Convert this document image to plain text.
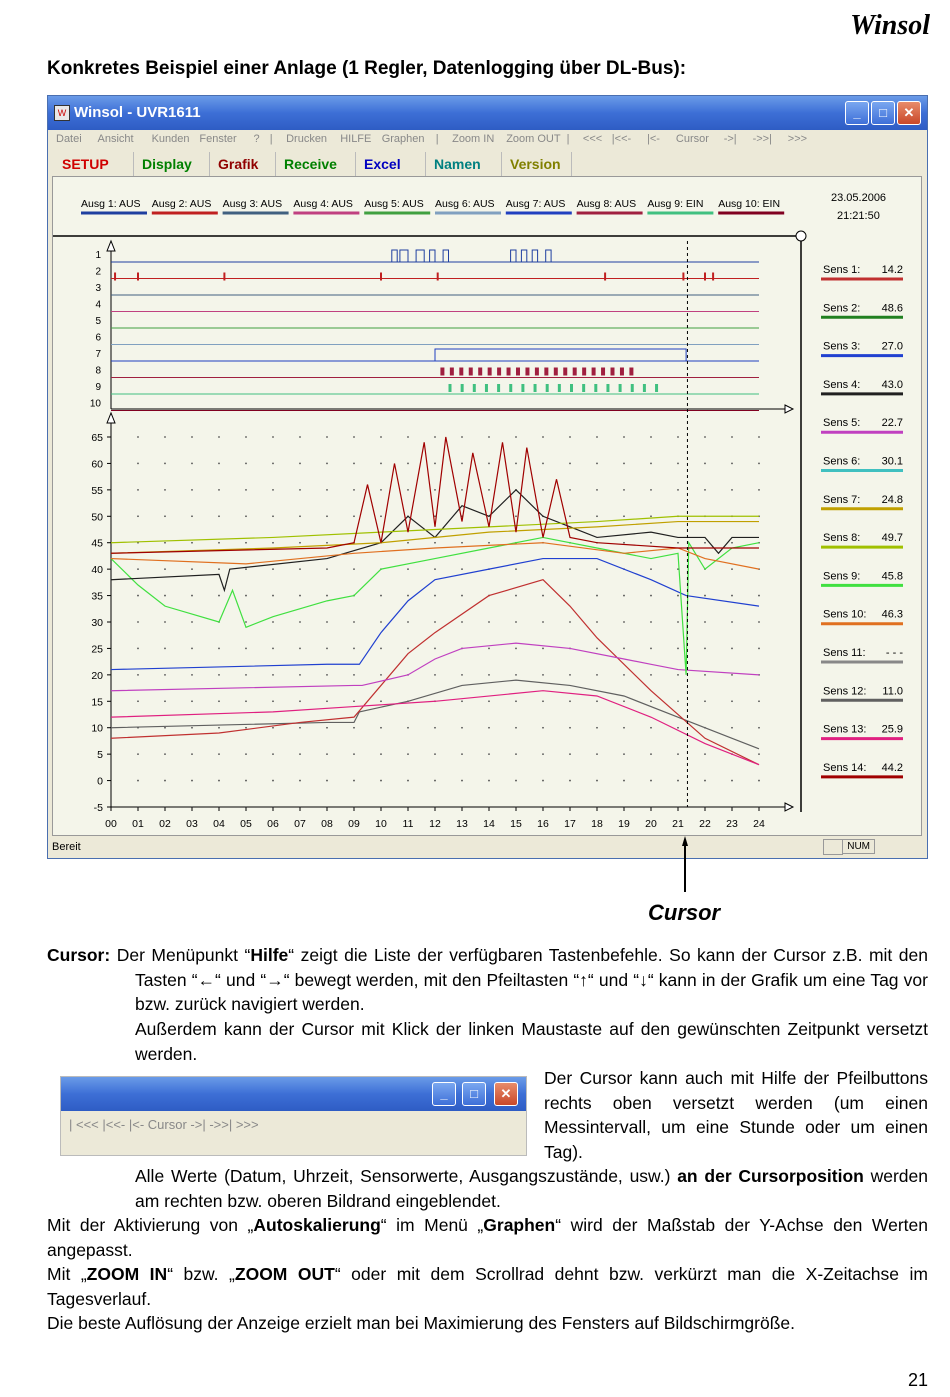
Winsol
Konkretes Beispiel einer Anlage (1 Regler, Datenlogging über DL-Bus):
W Winsol - UVR1611	_	□	✕
Datei Ansicht Kunden Fenster ? | Drucken HILFE Graphen | Zoom IN Zoom OUT | <<< |<<- |<- Cursor ->| ->>| >>>
SETUP	Display	Grafik	Receive	Excel	Namen	Version
Ausg 1: AUS Ausg 2: AUS Ausg 3: AUS Ausg 4: AUS Ausg 5: AUS Ausg 6: AUS Ausg 7: AUS Ausg 8: AUS Ausg 9: EIN Ausg 10: EIN	23.05.2006
21:21:50
1
2
3
4
5
6
7
8
9
10
65
60
55
50
45
40
35
30
25
20
15
10
5
0
-5
00 01 02 03 04 05 06 07 08 09 10 11 12 13 14 15 16 17 18 19 20 21 22 23 24
Sens 1: 14.2
Sens 2: 48.6
Sens 3: 27.0
Sens 4: 43.0
Sens 5: 22.7
Sens 6: 30.1
Sens 7: 24.8
Sens 8: 49.7
Sens 9: 45.8
Sens 10: 46.3
Sens 11: - - -
Sens 12: 11.0
Sens 13: 25.9
Sens 14: 44.2
Bereit	NUM
Cursor
Cursor: Der Menüpunkt “Hilfe“ zeigt die Liste der verfügbaren Tastenbefehle. So kann der Cursor z.B. mit den Tasten “←“ und “→“ bewegt werden, mit den Pfeiltasten “↑“ und “↓“ kann in der Grafik um eine Tag vor bzw. zurück navigiert werden.
Außerdem kann der Cursor mit Klick der linken Maustaste auf den gewünschten Zeitpunkt versetzt werden.
_	□	✕
| <<< |<<- |<- Cursor ->| ->>| >>>
Der Cursor kann auch mit Hilfe der Pfeilbuttons rechts oben versetzt werden (um einen Messintervall, um eine Stunde oder um einen Tag).
Alle Werte (Datum, Uhrzeit, Sensorwerte, Ausgangszustände, usw.) an der Cursorposition werden am rechten bzw. oberen Bildrand eingeblendet.
Mit der Aktivierung von „Autoskalierung“ im Menü „Graphen“ wird der Maßstab der Y-Achse den Werten angepasst.
Mit „ZOOM IN“ bzw. „ZOOM OUT“ oder mit dem Scrollrad dehnt bzw. verkürzt man die X-Zeitachse im Tagesverlauf.
Die beste Auflösung der Anzeige erzielt man bei Maximierung des Fensters auf Bildschirmgröße.
21
